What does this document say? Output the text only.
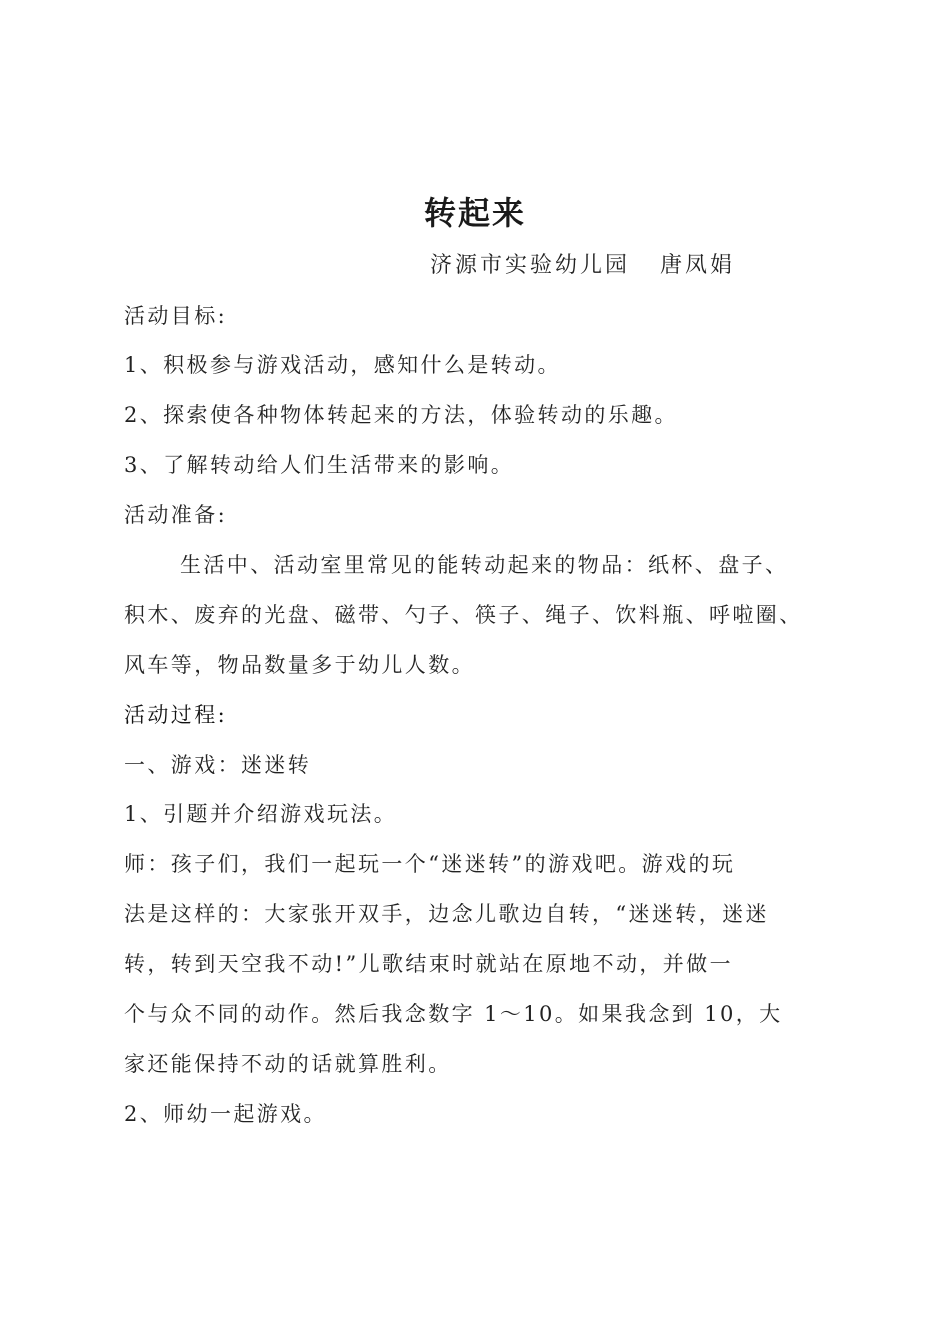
转起来
济源市实验幼儿园 唐凤娟
活动目标:
1、积极参与游戏活动，感知什么是转动。
2、探索使各种物体转起来的方法，体验转动的乐趣。
3、了解转动给人们生活带来的影响。
活动准备:
生活中、活动室里常见的能转动起来的物品：纸杯、盘子、
积木、废弃的光盘、磁带、勺子、筷子、绳子、饮料瓶、呼啦圈、
风车等，物品数量多于幼儿人数。
活动过程:
一、游戏：迷迷转
1、引题并介绍游戏玩法。
师：孩子们，我们一起玩一个“迷迷转”的游戏吧。游戏的玩
法是这样的：大家张开双手，边念儿歌边自转，“迷迷转，迷迷
转，转到天空我不动!”儿歌结束时就站在原地不动，并做一
个与众不同的动作。然后我念数字 1～10。如果我念到 10，大
家还能保持不动的话就算胜利。
2、师幼一起游戏。
